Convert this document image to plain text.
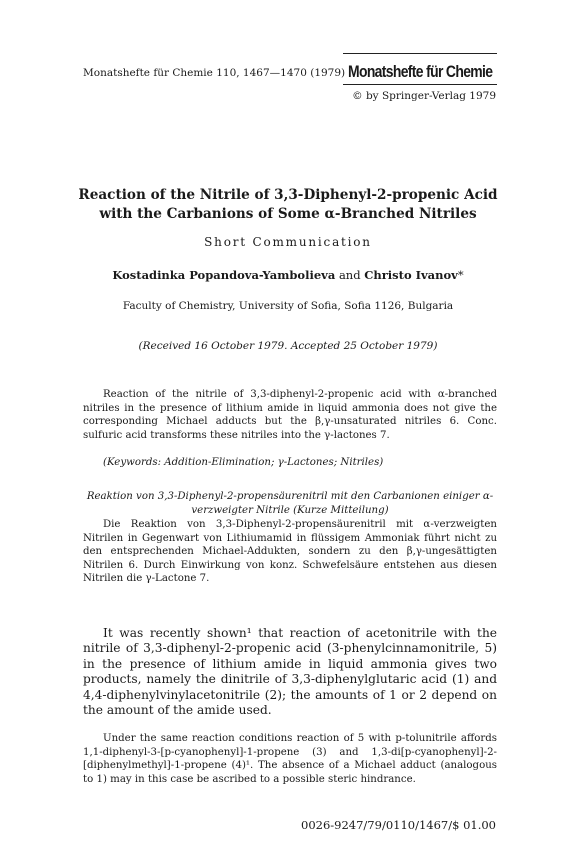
Monatshefte für Chemie 110, 1467—1470 (1979) Monatshefte für Chemie
© by Springer-Verlag 1979
Reaction of the Nitrile of 3,3-Diphenyl-2-propenic Acid with the Carbanions of Some α-Branched Nitriles
Short Communication
Kostadinka Popandova-Yambolieva and Christo Ivanov*
Faculty of Chemistry, University of Sofia, Sofia 1126, Bulgaria
(Received 16 October 1979. Accepted 25 October 1979)
Reaction of the nitrile of 3,3-diphenyl-2-propenic acid with α-branched nitriles in the presence of lithium amide in liquid ammonia does not give the corresponding Michael adducts but the β,γ-unsaturated nitriles 6. Conc. sulfuric acid transforms these nitriles into the γ-lactones 7.
(Keywords: Addition-Elimination; γ-Lactones; Nitriles)
Reaktion von 3,3-Diphenyl-2-propensäurenitril mit den Carbanionen einiger α-verzweigter Nitrile (Kurze Mitteilung)
Die Reaktion von 3,3-Diphenyl-2-propensäurenitril mit α-verzweigten Nitrilen in Gegenwart von Lithiumamid in flüssigem Ammoniak führt nicht zu den entsprechenden Michael-Addukten, sondern zu den β,γ-ungesättigten Nitrilen 6. Durch Einwirkung von konz. Schwefelsäure entstehen aus diesen Nitrilen die γ-Lactone 7.
It was recently shown¹ that reaction of acetonitrile with the nitrile of 3,3-diphenyl-2-propenic acid (3-phenylcinnamonitrile, 5) in the presence of lithium amide in liquid ammonia gives two products, namely the dinitrile of 3,3-diphenylglutaric acid (1) and 4,4-diphenylvinylacetonitrile (2); the amounts of 1 or 2 depend on the amount of the amide used.
Under the same reaction conditions reaction of 5 with p-tolunitrile affords 1,1-diphenyl-3-[p-cyanophenyl]-1-propene (3) and 1,3-di[p-cyanophenyl]-2-[diphenylmethyl]-1-propene (4)¹. The absence of a Michael adduct (analogous to 1) may in this case be ascribed to a possible steric hindrance.
0026-9247/79/0110/1467/$ 01.00
